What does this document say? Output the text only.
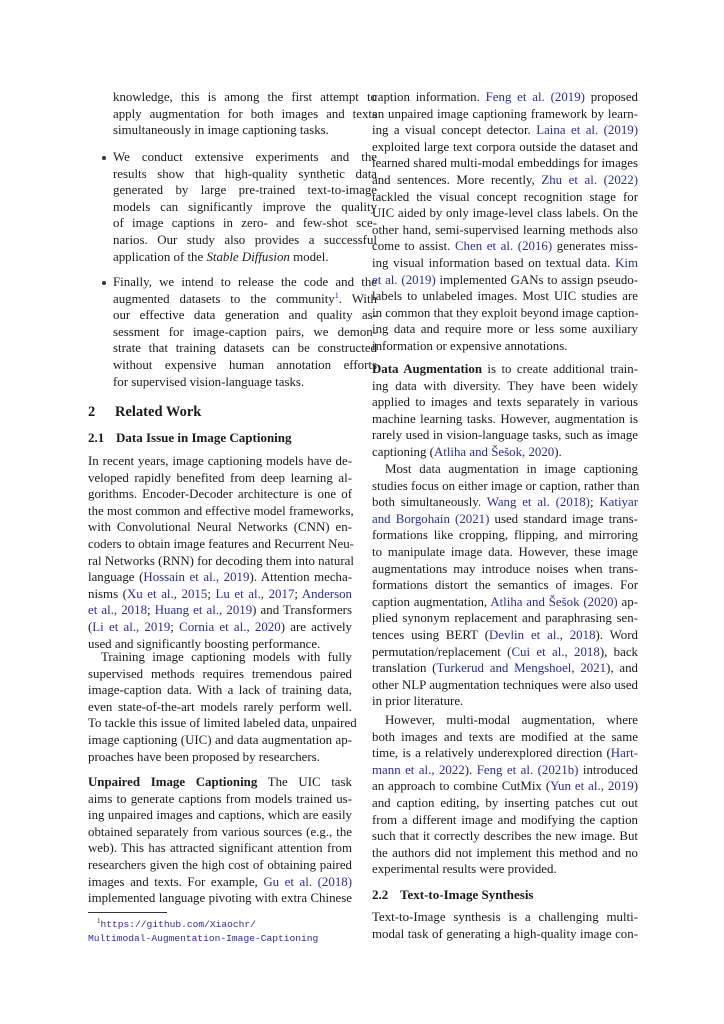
knowledge, this is among the first attempt to
apply augmentation for both images and texts
simultaneously in image captioning tasks.
We conduct extensive experiments and the
results show that high-quality synthetic data
generated by large pre-trained text-to-image
models can significantly improve the quality
of image captions in zero- and few-shot sce-
narios. Our study also provides a successful
application of the Stable Diffusion model.
Finally, we intend to release the code and the
augmented datasets to the community$^1$. With
our effective data generation and quality as-
sessment for image-caption pairs, we demon-
strate that training datasets can be constructed
without expensive human annotation efforts
for supervised vision-language tasks.
2 Related Work
2.1 Data Issue in Image Captioning
In recent years, image captioning models have de-
veloped rapidly benefited from deep learning al-
gorithms. Encoder-Decoder architecture is one of
the most common and effective model frameworks,
with Convolutional Neural Networks (CNN) en-
coders to obtain image features and Recurrent Neu-
ral Networks (RNN) for decoding them into natural
language (Hossain et al., 2019). Attention mecha-
nisms (Xu et al., 2015; Lu et al., 2017; Anderson
et al., 2018; Huang et al., 2019) and Transformers
(Li et al., 2019; Cornia et al., 2020) are actively
used and significantly boosting performance.
Training image captioning models with fully
supervised methods requires tremendous paired
image-caption data. With a lack of training data,
even state-of-the-art models rarely perform well.
To tackle this issue of limited labeled data, unpaired
image captioning (UIC) and data augmentation ap-
proaches have been proposed by researchers.
Unpaired Image Captioning The UIC task
aims to generate captions from models trained us-
ing unpaired images and captions, which are easily
obtained separately from various sources (e.g., the
web). This has attracted significant attention from
researchers given the high cost of obtaining paired
images and texts. For example, Gu et al. (2018)
implemented language pivoting with extra Chinese
$^1$https://github.com/Xiaochr/
Multimodal-Augmentation-Image-Captioning
caption information. Feng et al. (2019) proposed
an unpaired image captioning framework by learn-
ing a visual concept detector. Laina et al. (2019)
exploited large text corpora outside the dataset and
learned shared multi-modal embeddings for images
and sentences. More recently, Zhu et al. (2022)
tackled the visual concept recognition stage for
UIC aided by only image-level class labels. On the
other hand, semi-supervised learning methods also
come to assist. Chen et al. (2016) generates miss-
ing visual information based on textual data. Kim
et al. (2019) implemented GANs to assign pseudo-
labels to unlabeled images. Most UIC studies are
in common that they exploit beyond image caption-
ing data and require more or less some auxiliary
information or expensive annotations.
Data Augmentation is to create additional train-
ing data with diversity. They have been widely
applied to images and texts separately in various
machine learning tasks. However, augmentation is
rarely used in vision-language tasks, such as image
captioning (Atliha and Šešok, 2020).
Most data augmentation in image captioning
studies focus on either image or caption, rather than
both simultaneously. Wang et al. (2018); Katiyar
and Borgohain (2021) used standard image trans-
formations like cropping, flipping, and mirroring
to manipulate image data. However, these image
augmentations may introduce noises when trans-
formations distort the semantics of images. For
caption augmentation, Atliha and Šešok (2020) ap-
plied synonym replacement and paraphrasing sen-
tences using BERT (Devlin et al., 2018). Word
permutation/replacement (Cui et al., 2018), back
translation (Turkerud and Mengshoel, 2021), and
other NLP augmentation techniques were also used
in prior literature.
However, multi-modal augmentation, where
both images and texts are modified at the same
time, is a relatively underexplored direction (Hart-
mann et al., 2022). Feng et al. (2021b) introduced
an approach to combine CutMix (Yun et al., 2019)
and caption editing, by inserting patches cut out
from a different image and modifying the caption
such that it correctly describes the new image. But
the authors did not implement this method and no
experimental results were provided.
2.2 Text-to-Image Synthesis
Text-to-Image synthesis is a challenging multi-
modal task of generating a high-quality image con-
